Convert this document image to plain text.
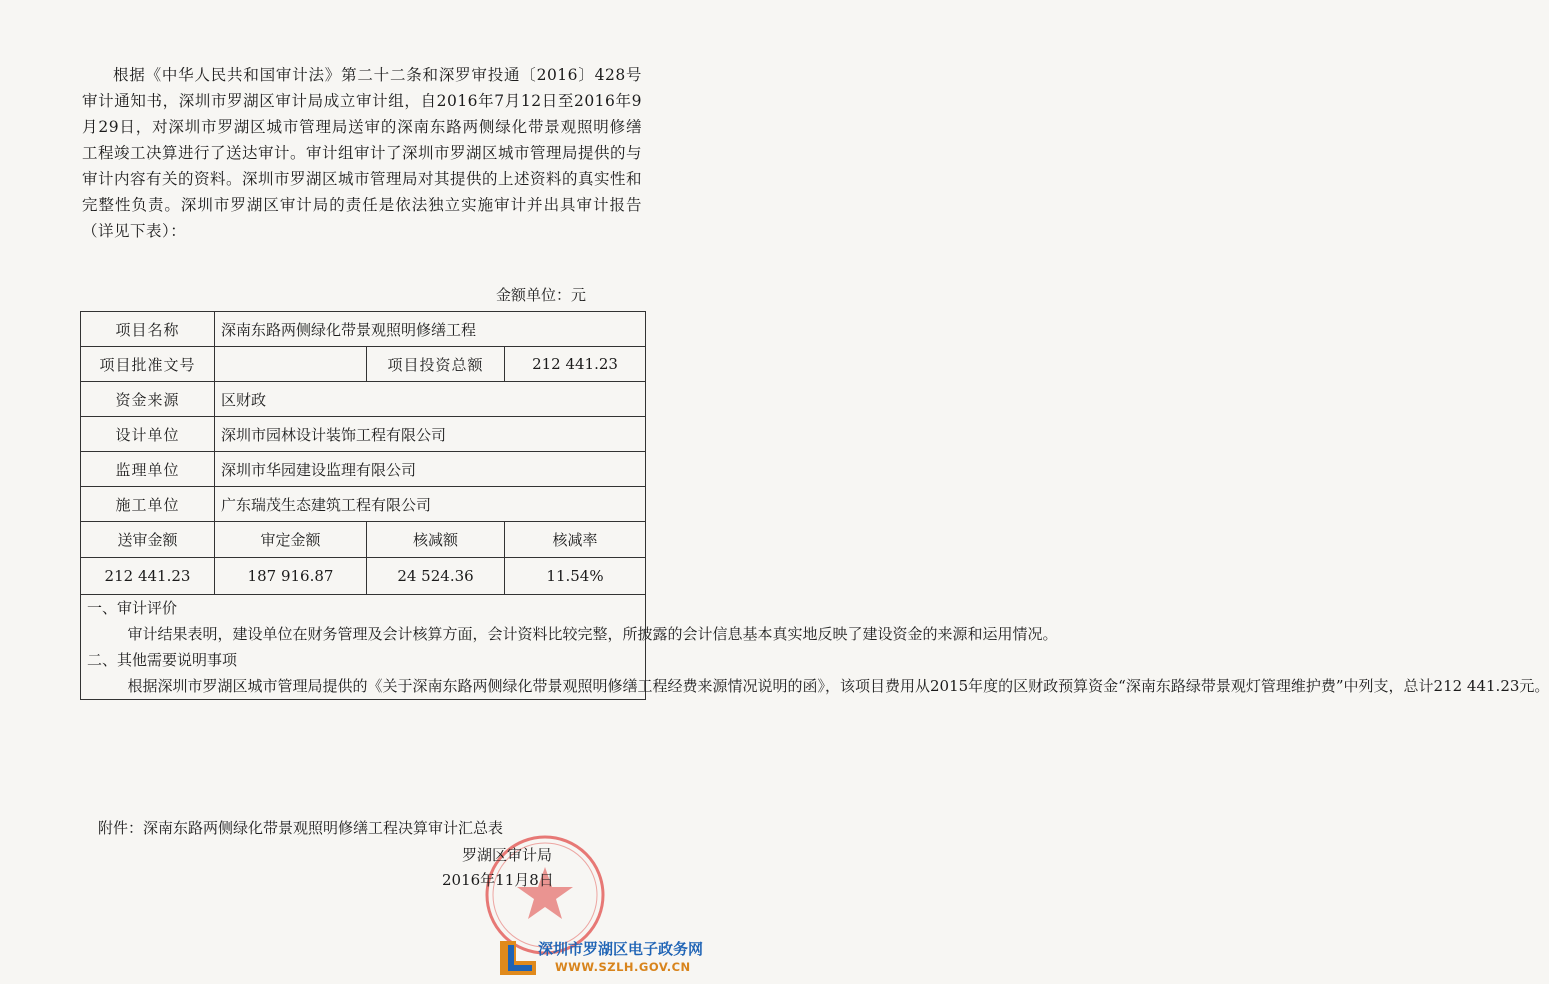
根据《中华人民共和国审计法》第二十二条和深罗审投通〔2016〕428号审计通知书，深圳市罗湖区审计局成立审计组，自2016年7月12日至2016年9月29日，对深圳市罗湖区城市管理局送审的深南东路两侧绿化带景观照明修缮工程竣工决算进行了送达审计。审计组审计了深圳市罗湖区城市管理局提供的与审计内容有关的资料。深圳市罗湖区城市管理局对其提供的上述资料的真实性和完整性负责。深圳市罗湖区审计局的责任是依法独立实施审计并出具审计报告（详见下表）：
金额单位：元
项目名称	深南东路两侧绿化带景观照明修缮工程		
项目批准文号		项目投资总额	212 441.23
资金来源	区财政		
设计单位	深圳市园林设计装饰工程有限公司		
监理单位	深圳市华园建设监理有限公司		
施工单位	广东瑞茂生态建筑工程有限公司		
送审金额	审定金额	核减额	核减率
212 441.23	187 916.87	24 524.36	11.54%

一、审计评价

审计结果表明，建设单位在财务管理及会计核算方面，会计资料比较完整，所披露的会计信息基本真实地反映了建设资金的来源和运用情况。

二、其他需要说明事项

根据深圳市罗湖区城市管理局提供的《关于深南东路两侧绿化带景观照明修缮工程经费来源情况说明的函》，该项目费用从2015年度的区财政预算资金“深南东路绿带景观灯管理维护费”中列支，总计212 441.23元。			

附件：深南东路两侧绿化带景观照明修缮工程决算审计汇总表
罗湖区审计局
2016年11月8日
深圳市罗湖区电子政务网
WWW.SZLH.GOV.CN
